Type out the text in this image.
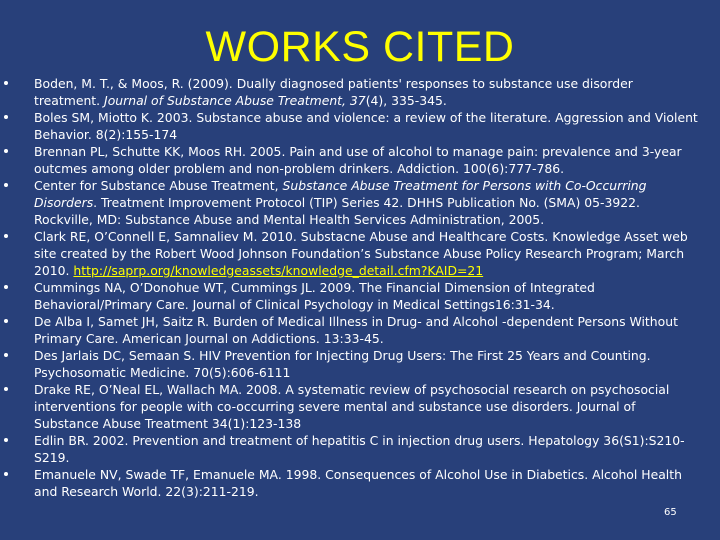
WORKS CITED
Boden, M. T., & Moos, R. (2009). Dually diagnosed patients' responses to substance use disorder treatment. Journal of Substance Abuse Treatment, 37(4), 335-345.
Boles SM, Miotto K. 2003. Substance abuse and violence: a review of the literature. Aggression and Violent Behavior. 8(2):155-174
Brennan PL, Schutte KK, Moos RH. 2005. Pain and use of alcohol to manage pain: prevalence and 3-year outcmes among older problem and non-problem drinkers. Addiction. 100(6):777-786.
Center for Substance Abuse Treatment, Substance Abuse Treatment for Persons with Co-Occurring Disorders. Treatment Improvement Protocol (TIP) Series 42. DHHS Publication No. (SMA) 05-3922. Rockville, MD: Substance Abuse and Mental Health Services Administration, 2005.
Clark RE, O’Connell E, Samnaliev M. 2010. Substacne Abuse and Healthcare Costs. Knowledge Asset web site created by the Robert Wood Johnson Foundation’s Substance Abuse Policy Research Program; March 2010. http://saprp.org/knowledgeassets/knowledge_detail.cfm?KAID=21
Cummings NA, O’Donohue WT, Cummings JL. 2009. The Financial Dimension of Integrated Behavioral/Primary Care. Journal of Clinical Psychology in Medical Settings16:31-34.
De Alba I, Samet JH, Saitz R. Burden of Medical Illness in Drug- and Alcohol -dependent Persons Without Primary Care. American Journal on Addictions. 13:33-45.
Des Jarlais DC, Semaan S. HIV Prevention for Injecting Drug Users: The First 25 Years and Counting. Psychosomatic Medicine. 70(5):606-6111
Drake RE, O’Neal EL, Wallach MA. 2008. A systematic review of psychosocial research on psychosocial interventions for people with co-occurring severe mental and substance use disorders. Journal of Substance Abuse Treatment 34(1):123-138
Edlin BR. 2002. Prevention and treatment of hepatitis C in injection drug users. Hepatology 36(S1):S210-S219.
Emanuele NV, Swade TF, Emanuele MA. 1998. Consequences of Alcohol Use in Diabetics. Alcohol Health and Research World. 22(3):211-219.
65
